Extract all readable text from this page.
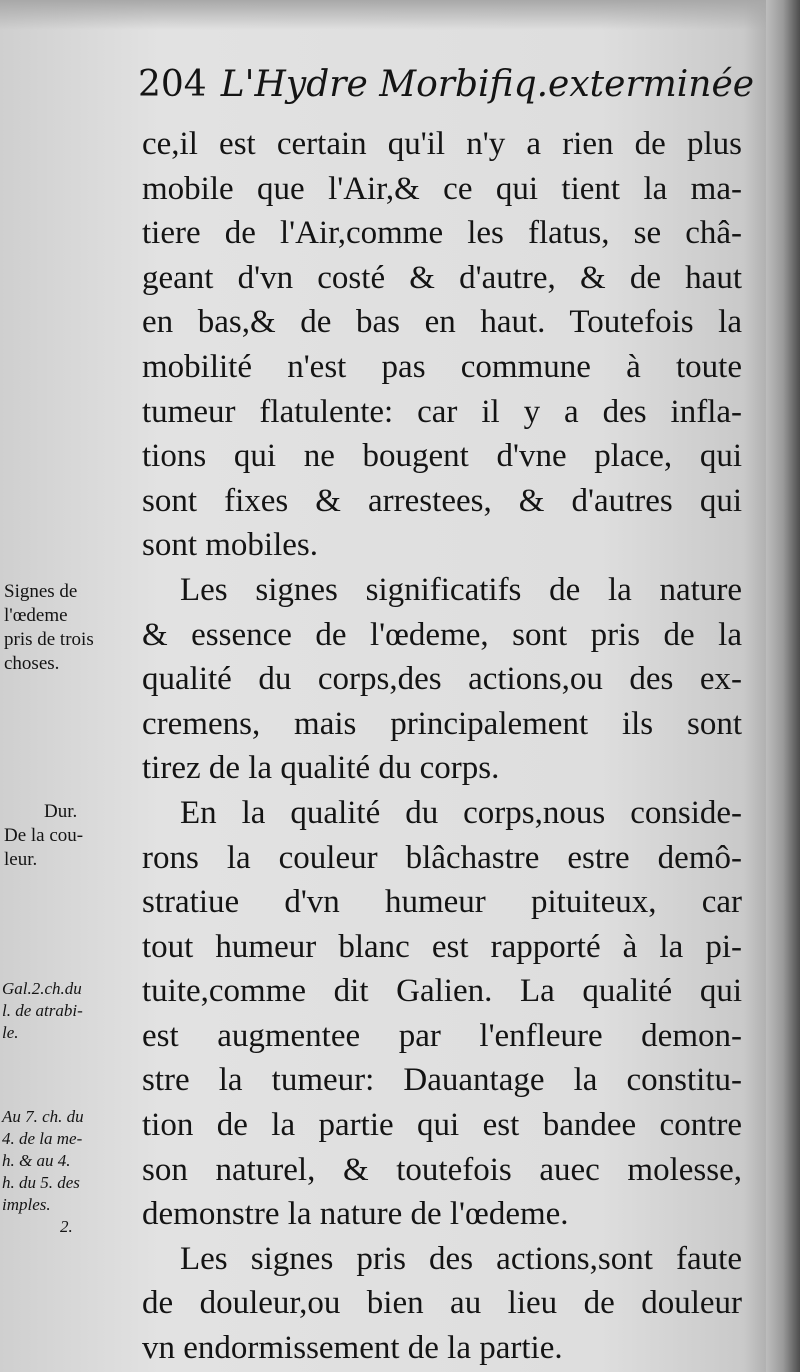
204 L'Hydre Morbifiq.exterminée
ce,il est certain qu'il n'y a rien de plus
mobile que l'Air,& ce qui tient la ma-
tiere de l'Air,comme les flatus, se châ-
geant d'vn costé & d'autre, & de haut
en bas,& de bas en haut. Toutefois la
mobilité n'est pas commune à toute
tumeur flatulente: car il y a des infla-
tions qui ne bougent d'vne place, qui
sont fixes & arrestees, & d'autres qui
sont mobiles.
Les signes significatifs de la nature
& essence de l'œdeme, sont pris de la
qualité du corps,des actions,ou des ex-
cremens, mais principalement ils sont
tirez de la qualité du corps.
En la qualité du corps,nous conside-
rons la couleur blâchastre estre demô-
stratiue d'vn humeur pituiteux, car
tout humeur blanc est rapporté à la pi-
tuite,comme dit Galien. La qualité qui
est augmentee par l'enfleure demon-
stre la tumeur: Dauantage la constitu-
tion de la partie qui est bandee contre
son naturel, & toutefois auec molesse,
demonstre la nature de l'œdeme.
Les signes pris des actions,sont faute
de douleur,ou bien au lieu de douleur
vn endormissement de la partie.
Signes de
l'œdeme
pris de trois
choses.
Dur.
De la cou-
leur.
Gal.2.ch.du
l. de atrabi-
le.
Au 7. ch. du
4. de la me-
h. & au 4.
h. du 5. des
imples.
2.
